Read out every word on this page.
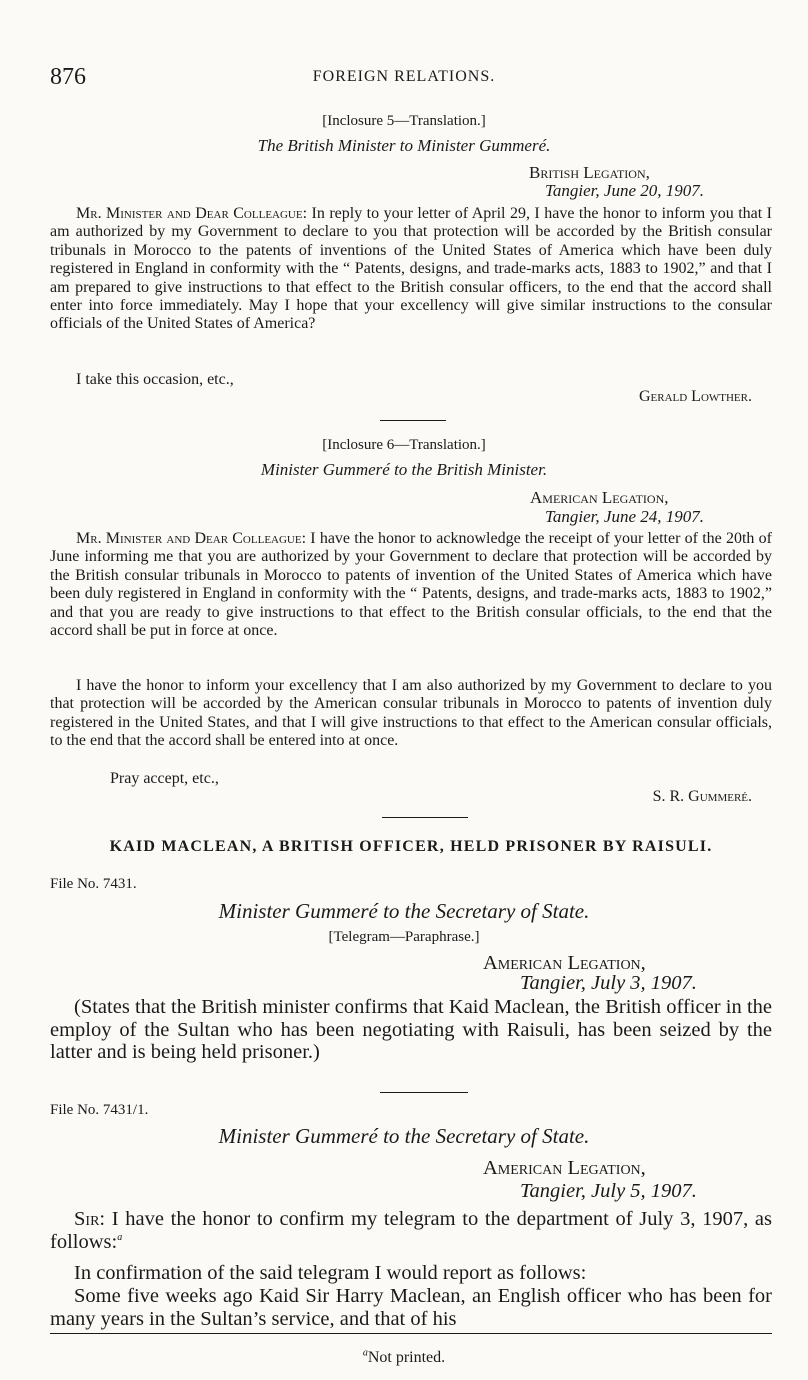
876	FOREIGN RELATIONS.
[Inclosure 5—Translation.]
The British Minister to Minister Gummeré.
British Legation,
Tangier, June 20, 1907.

Mr. Minister and Dear Colleague: In reply to your letter of April 29, I have the honor to inform you that I am authorized by my Government to declare to you that protection will be accorded by the British consular tribunals in Morocco to the patents of inventions of the United States of America which have been duly registered in England in conformity with the “ Patents, designs, and trade-marks acts, 1883 to 1902,” and that I am prepared to give instructions to that effect to the British consular officers, to the end that the accord shall enter into force immediately. May I hope that your excellency will give similar instructions to the consular officials of the United States of America?

I take this occasion, etc.,
Gerald Lowther.
[Inclosure 6—Translation.]
Minister Gummeré to the British Minister.
American Legation,
Tangier, June 24, 1907.

Mr. Minister and Dear Colleague: I have the honor to acknowledge the receipt of your letter of the 20th of June informing me that you are authorized by your Government to declare that protection will be accorded by the British consular tribunals in Morocco to patents of invention of the United States of America which have been duly registered in England in conformity with the “ Patents, designs, and trade-marks acts, 1883 to 1902,” and that you are ready to give instructions to that effect to the British consular officials, to the end that the accord shall be put in force at once.

I have the honor to inform your excellency that I am also authorized by my Government to declare to you that protection will be accorded by the American consular tribunals in Morocco to patents of invention duly registered in the United States, and that I will give instructions to that effect to the American consular officials, to the end that the accord shall be entered into at once.

Pray accept, etc.,
S. R. Gummeré.
KAID MACLEAN, A BRITISH OFFICER, HELD PRISONER BY RAISULI.
File No. 7431.
Minister Gummeré to the Secretary of State.
[Telegram—Paraphrase.]
American Legation,
Tangier, July 3, 1907.

(States that the British minister confirms that Kaid Maclean, the British officer in the employ of the Sultan who has been negotiating with Raisuli, has been seized by the latter and is being held prisoner.)

File No. 7431/1.
Minister Gummeré to the Secretary of State.
American Legation,
Tangier, July 5, 1907.

Sir: I have the honor to confirm my telegram to the department of July 3, 1907, as follows:$^a$

In confirmation of the said telegram I would report as follows:

Some five weeks ago Kaid Sir Harry Maclean, an English officer who has been for many years in the Sultan’s service, and that of his

$^a$Not printed.
